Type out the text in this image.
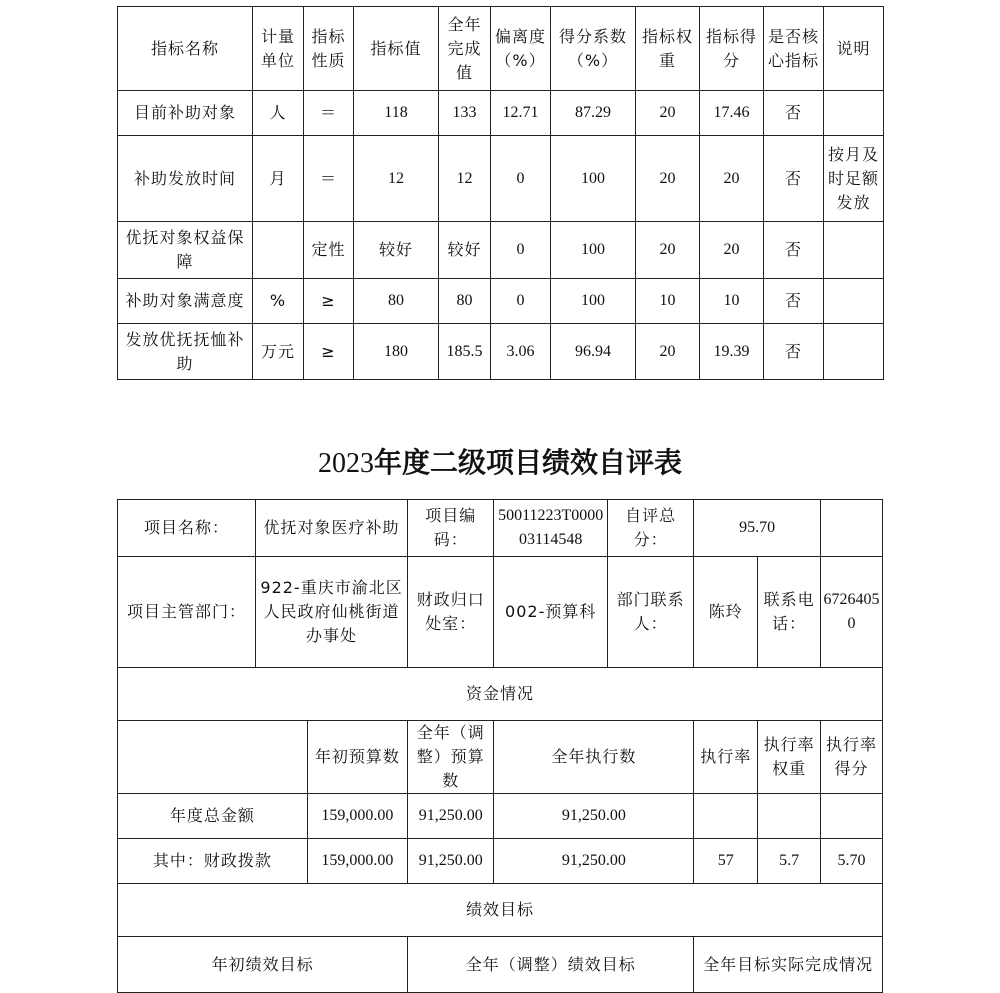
指标名称	计量单位	指标性质	指标值	全年完成值	偏离度（%）	得分系数（%）	指标权重	指标得分	是否核心指标	说明
目前补助对象	人	＝	118	133	12.71	87.29	20	17.46	否	
补助发放时间	月	＝	12	12	0	100	20	20	否	按月及时足额发放
优抚对象权益保障		定性	较好	较好	0	100	20	20	否	
补助对象满意度	%	≥	80	80	0	100	10	10	否	
发放优抚抚恤补助	万元	≥	180	185.5	3.06	96.94	20	19.39	否	
2023年度二级项目绩效自评表
项目名称：	优抚对象医疗补助		项目编码：	50011223T000003114548	自评总分：	95.70		
项目主管部门：	922-重庆市渝北区人民政府仙桃街道办事处		财政归口处室：	002-预算科	部门联系人：	陈玲	联系电话：	67264050
资金情况								
		年初预算数	全年（调整）预算数	全年执行数		执行率	执行率权重	执行率得分
年度总金额		159,000.00	91,250.00	91,250.00				
其中：财政拨款		159,000.00	91,250.00	91,250.00		57	5.7	5.70
绩效目标								
年初绩效目标			全年（调整）绩效目标			全年目标实际完成情况		
